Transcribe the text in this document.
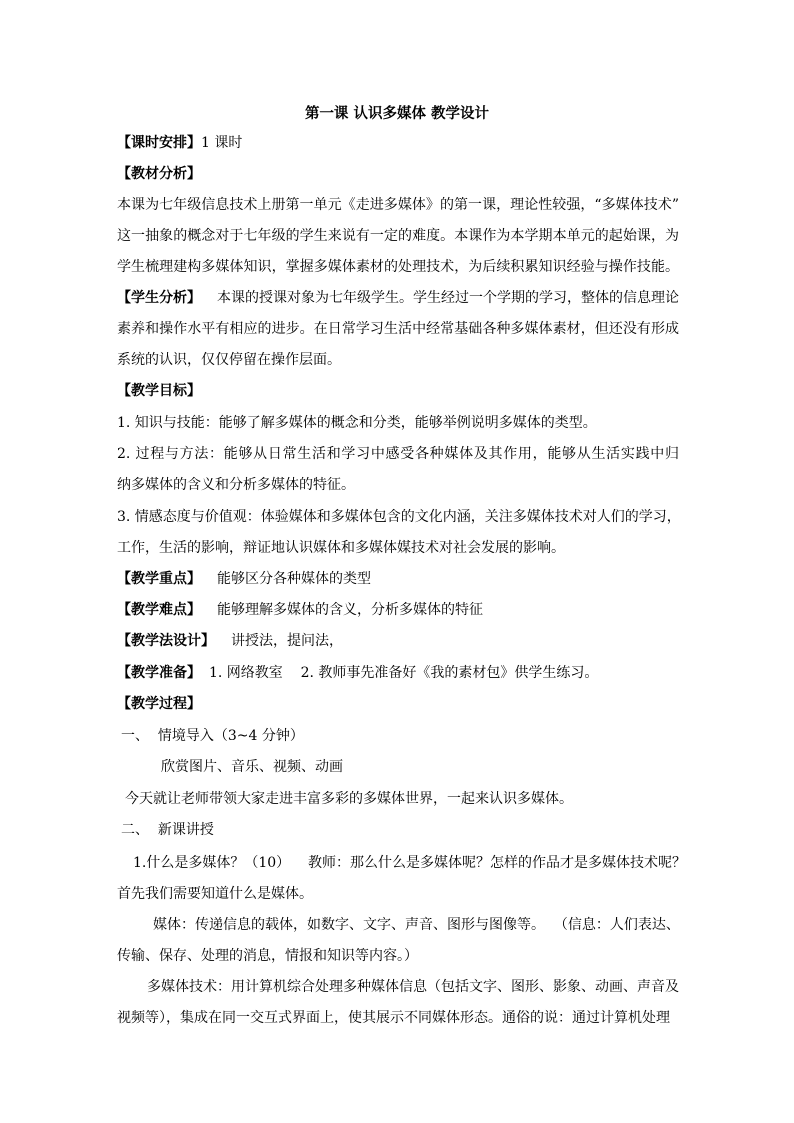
第一课 认识多媒体 教学设计
【课时安排】1 课时
【教材分析】
本课为七年级信息技术上册第一单元《走进多媒体》的第一课，理论性较强，“多媒体技术”
这一抽象的概念对于七年级的学生来说有一定的难度。本课作为本学期本单元的起始课，为
学生梳理建构多媒体知识，掌握多媒体素材的处理技术，为后续积累知识经验与操作技能。
【学生分析】 本课的授课对象为七年级学生。学生经过一个学期的学习，整体的信息理论
素养和操作水平有相应的进步。在日常学习生活中经常基础各种多媒体素材，但还没有形成
系统的认识，仅仅停留在操作层面。
【教学目标】
1. 知识与技能：能够了解多媒体的概念和分类，能够举例说明多媒体的类型。
2. 过程与方法：能够从日常生活和学习中感受各种媒体及其作用，能够从生活实践中归
纳多媒体的含义和分析多媒体的特征。
3. 情感态度与价值观：体验媒体和多媒体包含的文化内涵，关注多媒体技术对人们的学习，
工作，生活的影响，辩证地认识媒体和多媒体媒技术对社会发展的影响。
【教学重点】 能够区分各种媒体的类型
【教学难点】 能够理解多媒体的含义，分析多媒体的特征
【教学法设计】 讲授法，提问法，
【教学准备】 1. 网络教室    2. 教师事先准备好《我的素材包》供学生练习。
【教学过程】
一、  情境导入（3~4 分钟）
欣赏图片、音乐、视频、动画
今天就让老师带领大家走进丰富多彩的多媒体世界，一起来认识多媒体。
二、  新课讲授
1.什么是多媒体？（10）    教师：那么什么是多媒体呢？怎样的作品才是多媒体技术呢？
首先我们需要知道什么是媒体。
媒体：传递信息的载体，如数字、文字、声音、图形与图像等。  （信息：人们表达、
传输、保存、处理的消息，情报和知识等内容。）
多媒体技术：用计算机综合处理多种媒体信息（包括文字、图形、影象、动画、声音及
视频等），集成在同一交互式界面上，使其展示不同媒体形态。通俗的说：通过计算机处理
